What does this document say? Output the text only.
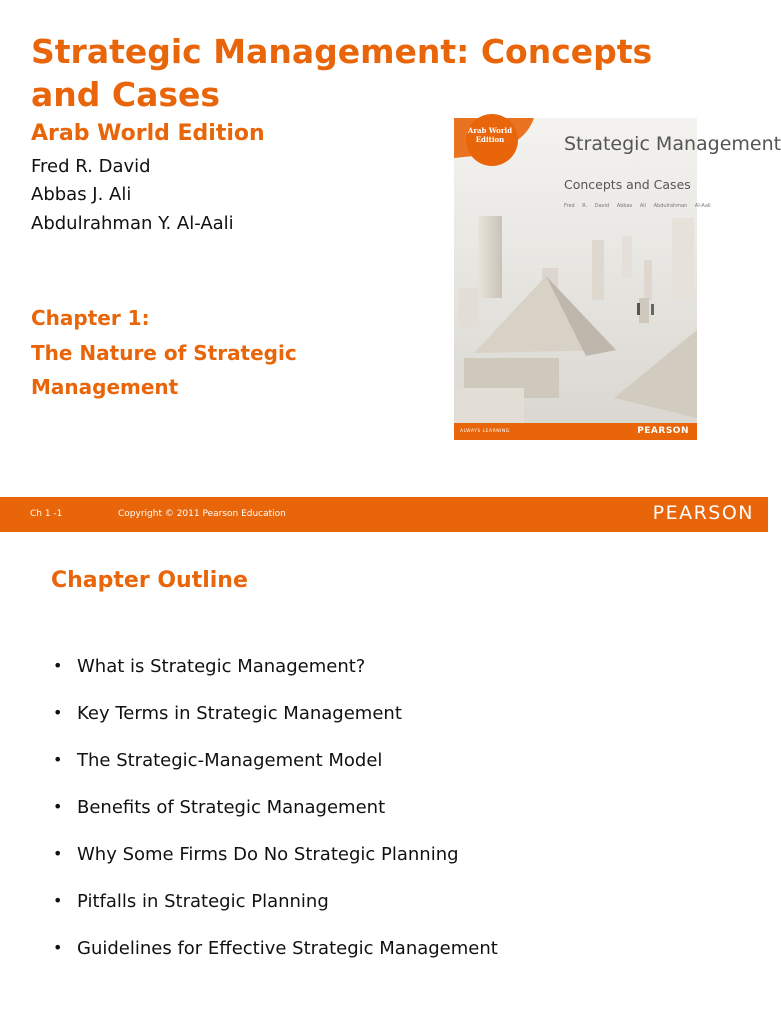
Strategic Management: Concepts and Cases
Arab World Edition
Fred R. David
Abbas J. Ali
Abdulrahman Y. Al-Aali
Chapter 1:
The Nature of Strategic
Management
Arab World Edition	Strategic Management
Concepts and Cases
Fred R. David Abbas Ali Abdulrahman Al-Aali
ALWAYS LEARNING	PEARSON
Ch 1 -1	Copyright © 2011 Pearson Education	PEARSON
Chapter Outline
• What is Strategic Management?
• Key Terms in Strategic Management
• The Strategic-Management Model
• Benefits of Strategic Management
• Why Some Firms Do No Strategic Planning
• Pitfalls in Strategic Planning
• Guidelines for Effective Strategic Management
